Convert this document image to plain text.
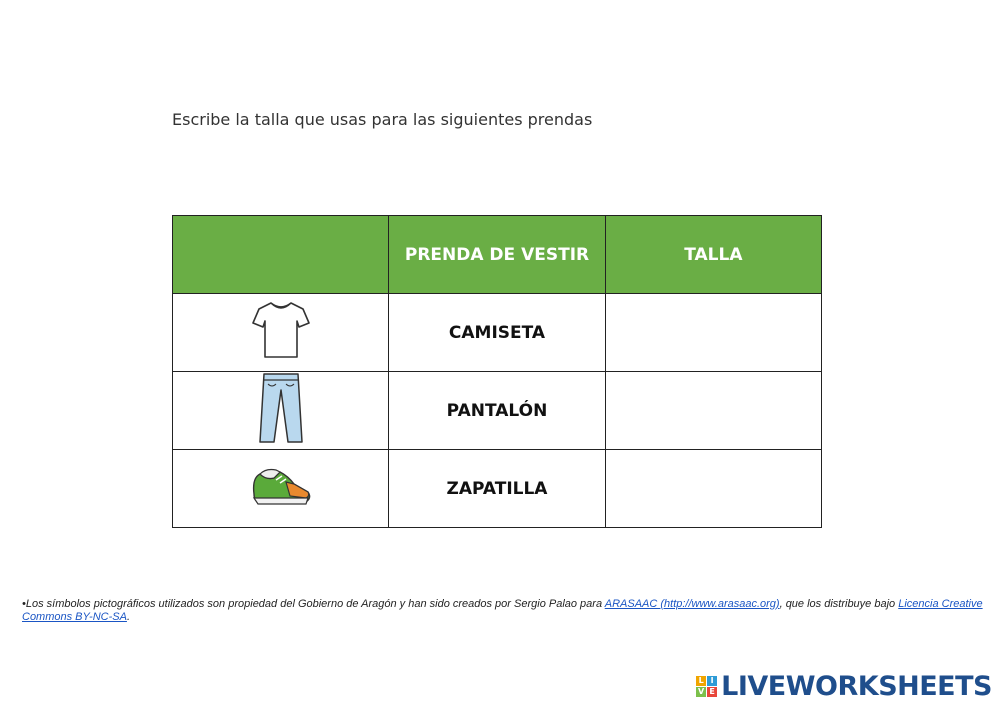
Escribe la talla que usas para las siguientes prendas
	PRENDA DE VESTIR	TALLA
	CAMISETA	
	PANTALÓN	
	ZAPATILLA	
•Los símbolos pictográficos utilizados son propiedad del Gobierno de Aragón y han sido creados por Sergio Palao para ARASAAC (http://www.arasaac.org), que los distribuye bajo Licencia Creative Commons BY-NC-SA.
L I
V E LIVEWORKSHEETS
